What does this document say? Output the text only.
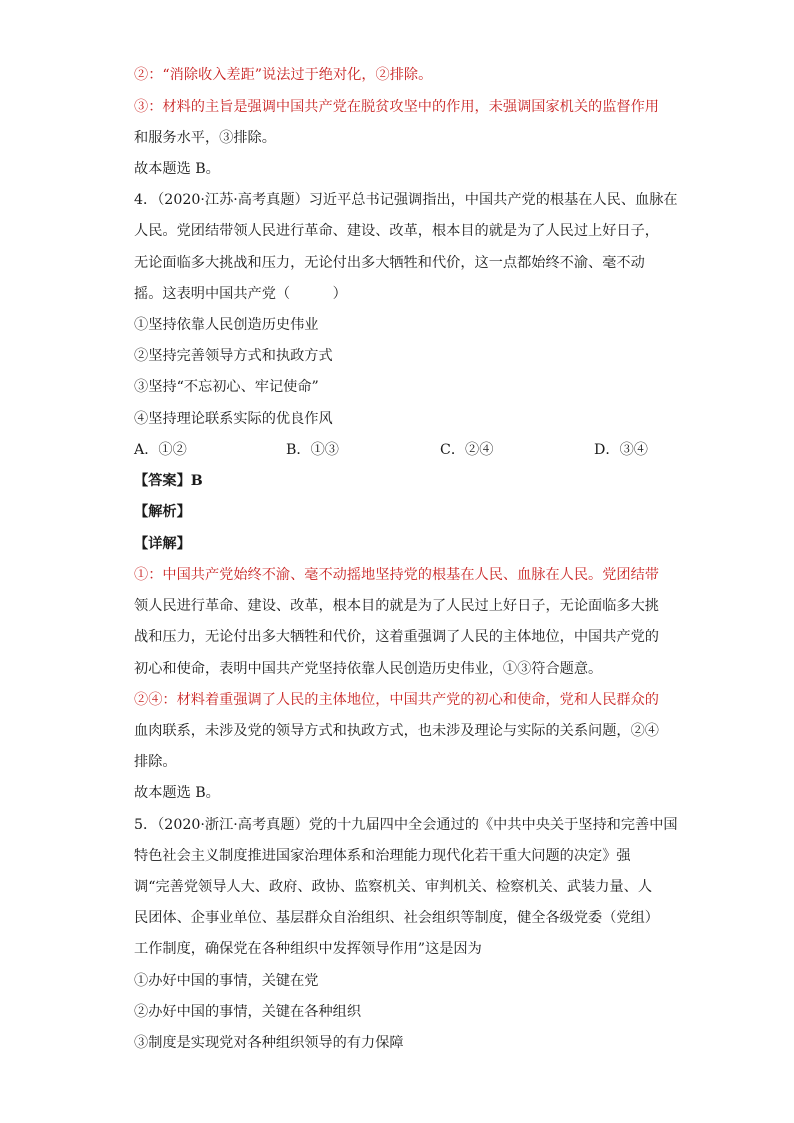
②：“消除收入差距”说法过于绝对化，②排除。
③：材料的主旨是强调中国共产党在脱贫攻坚中的作用，未强调国家机关的监督作用
和服务水平，③排除。
故本题选 B。
4．（2020·江苏·高考真题）习近平总书记强调指出，中国共产党的根基在人民、血脉在
人民。党团结带领人民进行革命、建设、改革，根本目的就是为了人民过上好日子，
无论面临多大挑战和压力，无论付出多大牺牲和代价，这一点都始终不渝、毫不动
摇。这表明中国共产党（　　　）
①坚持依靠人民创造历史伟业
②坚持完善领导方式和执政方式
③坚持“不忘初心、牢记使命”
④坚持理论联系实际的优良作风
A．①②	B．①③	C．②④	D．③④
【答案】B
【解析】
【详解】
①：中国共产党始终不渝、毫不动摇地坚持党的根基在人民、血脉在人民。党团结带
领人民进行革命、建设、改革，根本目的就是为了人民过上好日子，无论面临多大挑
战和压力，无论付出多大牺牲和代价，这着重强调了人民的主体地位，中国共产党的
初心和使命，表明中国共产党坚持依靠人民创造历史伟业，①③符合题意。
②④：材料着重强调了人民的主体地位，中国共产党的初心和使命，党和人民群众的
血肉联系，未涉及党的领导方式和执政方式，也未涉及理论与实际的关系问题，②④
排除。
故本题选 B。
5．（2020·浙江·高考真题）党的十九届四中全会通过的《中共中央关于坚持和完善中国
特色社会主义制度推进国家治理体系和治理能力现代化若干重大问题的决定》强
调“完善党领导人大、政府、政协、监察机关、审判机关、检察机关、武装力量、人
民团体、企事业单位、基层群众自治组织、社会组织等制度，健全各级党委（党组）
工作制度，确保党在各种组织中发挥领导作用”这是因为
①办好中国的事情，关键在党
②办好中国的事情，关键在各种组织
③制度是实现党对各种组织领导的有力保障
